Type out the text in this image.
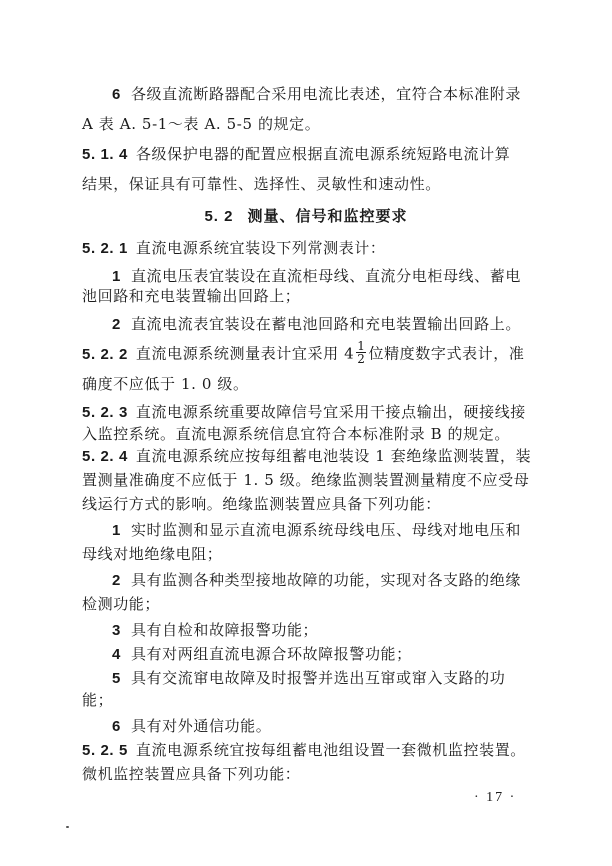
6 各级直流断路器配合采用电流比表述，宜符合本标准附录
A 表 A. 5-1～表 A. 5-5 的规定。
5. 1. 4 各级保护电器的配置应根据直流电源系统短路电流计算
结果，保证具有可靠性、选择性、灵敏性和速动性。
5. 2 测量、信号和监控要求
5. 2. 1 直流电源系统宜装设下列常测表计：
1 直流电压表宜装设在直流柜母线、直流分电柜母线、蓄电
池回路和充电装置输出回路上；
2 直流电流表宜装设在蓄电池回路和充电装置输出回路上。
5. 2. 2 直流电源系统测量表计宜采用 $4 \frac{1}{2}$ 位精度数字式表计，准
确度不应低于 1. 0 级。
5. 2. 3 直流电源系统重要故障信号宜采用干接点输出，硬接线接
入监控系统。直流电源系统信息宜符合本标准附录 B 的规定。
5. 2. 4 直流电源系统应按每组蓄电池装设 1 套绝缘监测装置，装
置测量准确度不应低于 1. 5 级。绝缘监测装置测量精度不应受母
线运行方式的影响。绝缘监测装置应具备下列功能：
1 实时监测和显示直流电源系统母线电压、母线对地电压和
母线对地绝缘电阻；
2 具有监测各种类型接地故障的功能，实现对各支路的绝缘
检测功能；
3 具有自检和故障报警功能；
4 具有对两组直流电源合环故障报警功能；
5 具有交流窜电故障及时报警并选出互窜或窜入支路的功
能；
6 具有对外通信功能。
5. 2. 5 直流电源系统宜按每组蓄电池组设置一套微机监控装置。
微机监控装置应具备下列功能：
· 17 ·
